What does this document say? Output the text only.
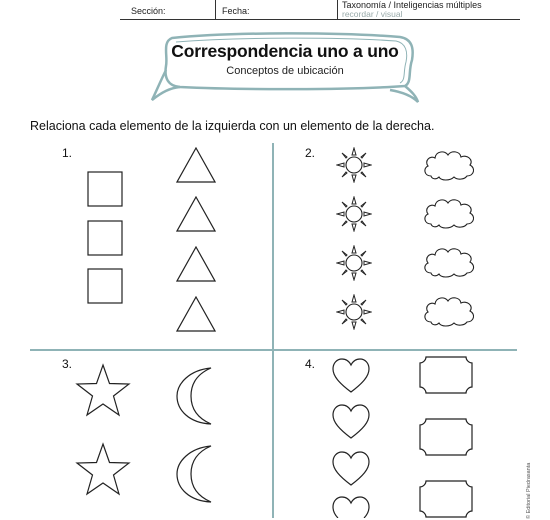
Sección:	Fecha:
Taxonomía / Inteligencias múltiples
recordar / visual
Correspondencia uno a uno
Conceptos de ubicación
Relaciona cada elemento de la izquierda con un elemento de la derecha.
1.	2.
3.	4.
© Editorial Piedrasanta
